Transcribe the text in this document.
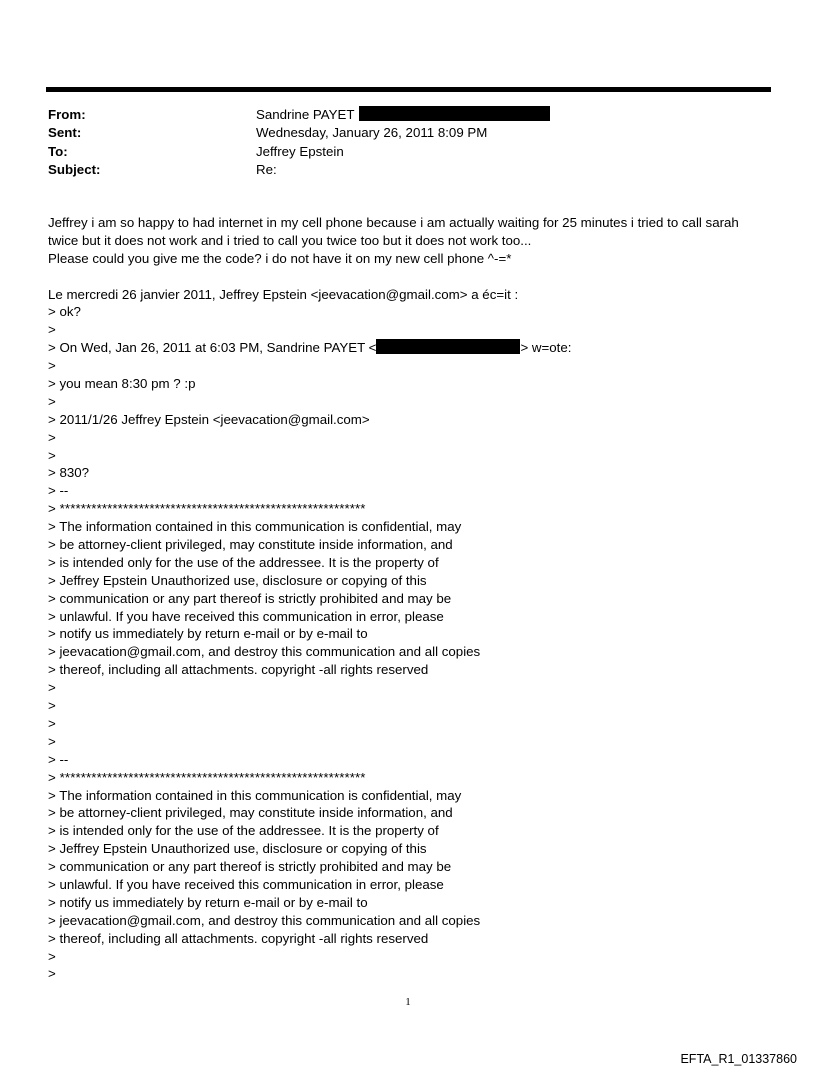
From:	Sandrine PAYET
Sent:	Wednesday, January 26, 2011 8:09 PM
To:	Jeffrey Epstein
Subject:	Re:
Jeffrey i am so happy to had internet in my cell phone because i am actually waiting for 25 minutes i tried to call sarah
twice but it does not work and i tried to call you twice too but it does not work too...
Please could you give me the code? i do not have it on my new cell phone ^-=*
Le mercredi 26 janvier 2011, Jeffrey Epstein <jeevacation@gmail.com> a éc=it :
> ok?
>
> On Wed, Jan 26, 2011 at 6:03 PM, Sandrine PAYET <	> w=ote:
>
> you mean 8:30 pm ? :p
>
> 2011/1/26 Jeffrey Epstein <jeevacation@gmail.com>
>
>
> 830?
> --
> **********************************************************
> The information contained in this communication is confidential, may
> be attorney-client privileged, may constitute inside information, and
> is intended only for the use of the addressee. It is the property of
> Jeffrey Epstein Unauthorized use, disclosure or copying of this
> communication or any part thereof is strictly prohibited and may be
> unlawful. If you have received this communication in error, please
> notify us immediately by return e-mail or by e-mail to
> jeevacation@gmail.com, and destroy this communication and all copies
> thereof, including all attachments. copyright -all rights reserved
>
>
>
>
> --
> **********************************************************
> The information contained in this communication is confidential, may
> be attorney-client privileged, may constitute inside information, and
> is intended only for the use of the addressee. It is the property of
> Jeffrey Epstein Unauthorized use, disclosure or copying of this
> communication or any part thereof is strictly prohibited and may be
> unlawful. If you have received this communication in error, please
> notify us immediately by return e-mail or by e-mail to
> jeevacation@gmail.com, and destroy this communication and all copies
> thereof, including all attachments. copyright -all rights reserved
>
>
1
EFTA_R1_01337860
